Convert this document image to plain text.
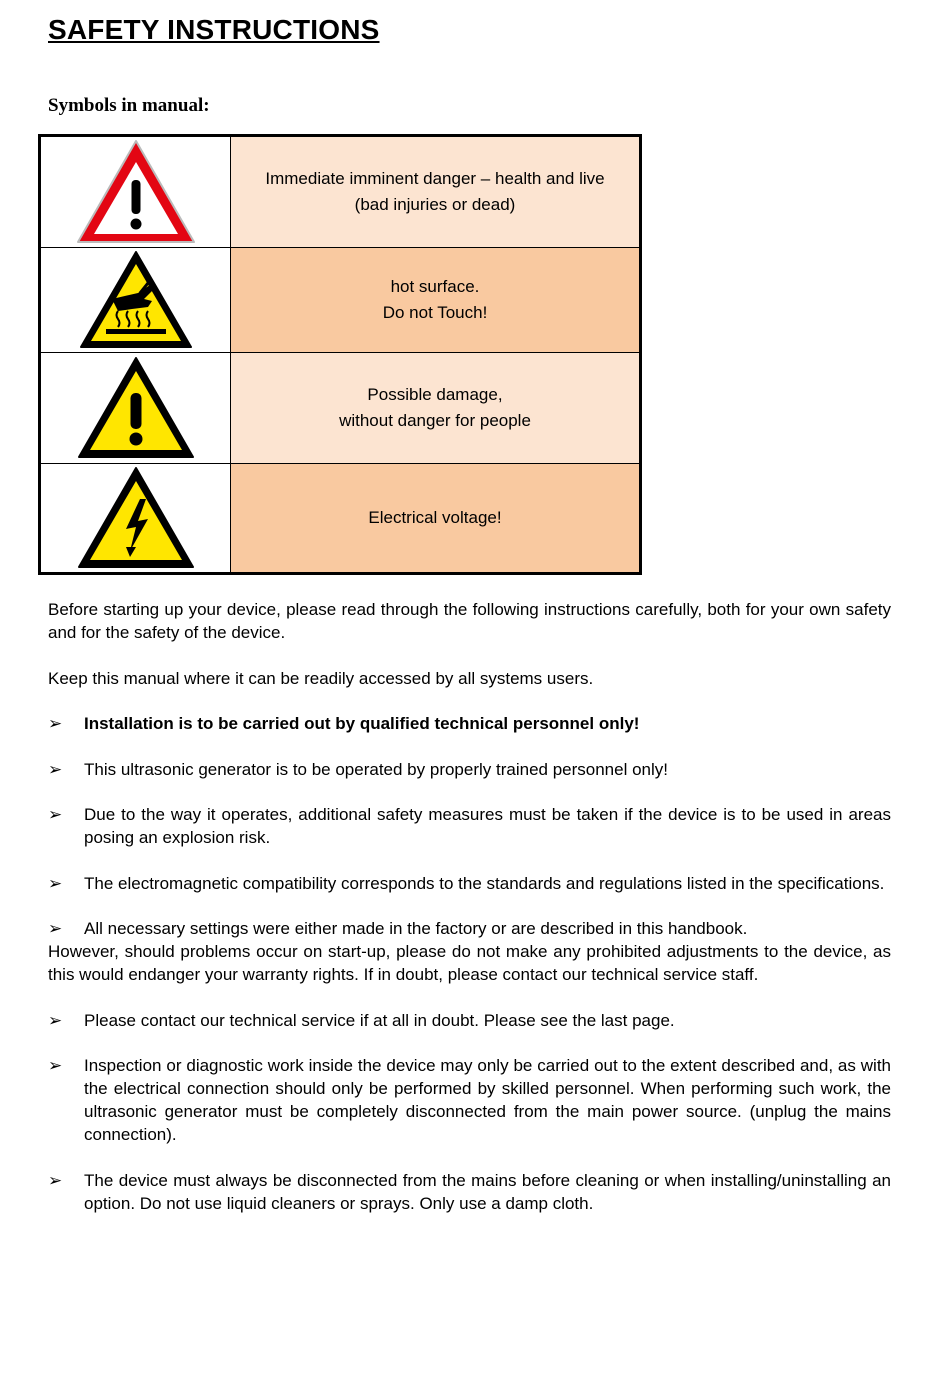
SAFETY INSTRUCTIONS
Symbols in manual:

Immediate imminent danger – health and live
(bad injuries or dead)

hot surface.
Do not Touch!

Possible damage,
without danger for people

Electrical voltage!

Before starting up your device, please read through the following instructions carefully, both for your own safety and for the safety of the device.

Keep this manual where it can be readily accessed by all systems users.

➢	Installation is to be carried out by qualified technical personnel only!
➢	This ultrasonic generator is to be operated by properly trained personnel only!
➢	Due to the way it operates, additional safety measures must be taken if the device is to be used in areas posing an explosion risk.
➢	The electromagnetic compatibility corresponds to the standards and regulations listed in the specifications.
➢	All necessary settings were either made in the factory or are described in this handbook.

However, should problems occur on start-up, please do not make any prohibited adjustments to the device, as this would endanger your warranty rights. If in doubt, please contact our technical service staff.

➢	Please contact our technical service if at all in doubt. Please see the last page.
➢	Inspection or diagnostic work inside the device may only be carried out to the extent described and, as with the electrical connection should only be performed by skilled personnel. When performing such work, the ultrasonic generator must be completely disconnected from the main power source. (unplug the mains connection).
➢	The device must always be disconnected from the mains before cleaning or when installing/uninstalling an option. Do not use liquid cleaners or sprays. Only use a damp cloth.
